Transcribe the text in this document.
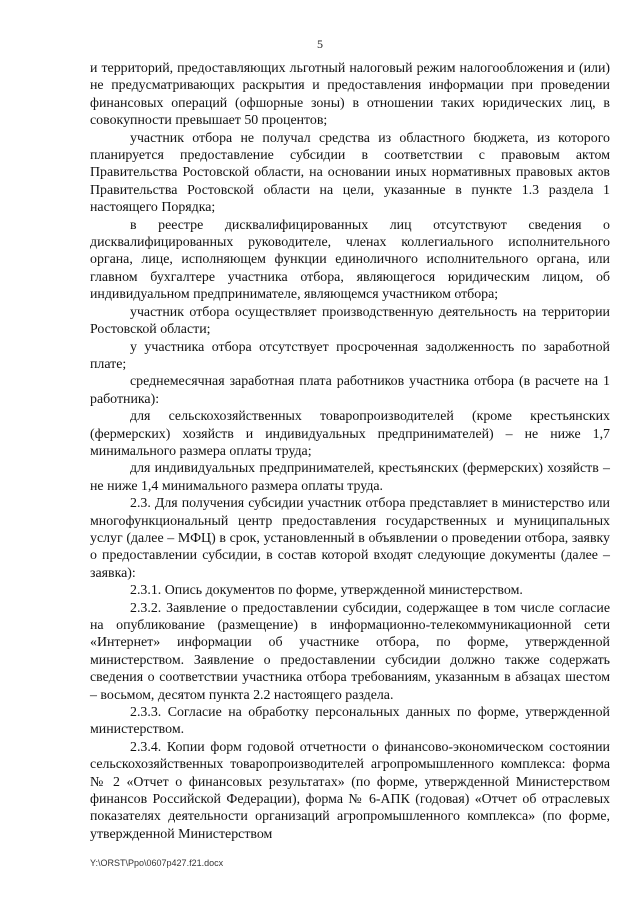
5

и территорий, предоставляющих льготный налоговый режим налогообложения и (или) не предусматривающих раскрытия и предоставления информации при проведении финансовых операций (офшорные зоны) в отношении таких юридических лиц, в совокупности превышает 50 процентов;

участник отбора не получал средства из областного бюджета, из которого планируется предоставление субсидии в соответствии с правовым актом Правительства Ростовской области, на основании иных нормативных правовых актов Правительства Ростовской области на цели, указанные в пункте 1.3 раздела 1 настоящего Порядка;

в реестре дисквалифицированных лиц отсутствуют сведения о дисквалифицированных руководителе, членах коллегиального исполнительного органа, лице, исполняющем функции единоличного исполнительного органа, или главном бухгалтере участника отбора, являющегося юридическим лицом, об индивидуальном предпринимателе, являющемся участником отбора;

участник отбора осуществляет производственную деятельность на территории Ростовской области;

у участника отбора отсутствует просроченная задолженность по заработной плате;

среднемесячная заработная плата работников участника отбора (в расчете на 1 работника):

для сельскохозяйственных товаропроизводителей (кроме крестьянских (фермерских) хозяйств и индивидуальных предпринимателей) – не ниже 1,7 минимального размера оплаты труда;

для индивидуальных предпринимателей, крестьянских (фермерских) хозяйств – не ниже 1,4 минимального размера оплаты труда.

2.3. Для получения субсидии участник отбора представляет в министерство или многофункциональный центр предоставления государственных и муниципальных услуг (далее – МФЦ) в срок, установленный в объявлении о проведении отбора, заявку о предоставлении субсидии, в состав которой входят следующие документы (далее – заявка):

2.3.1. Опись документов по форме, утвержденной министерством.

2.3.2. Заявление о предоставлении субсидии, содержащее в том числе согласие на опубликование (размещение) в информационно-телекоммуникационной сети «Интернет» информации об участнике отбора, по форме, утвержденной министерством. Заявление о предоставлении субсидии должно также содержать сведения о соответствии участника отбора требованиям, указанным в абзацах шестом – восьмом, десятом пункта 2.2 настоящего раздела.

2.3.3. Согласие на обработку персональных данных по форме, утвержденной министерством.

2.3.4. Копии форм годовой отчетности о финансово-экономическом состоянии сельскохозяйственных товаропроизводителей агропромышленного комплекса: форма № 2 «Отчет о финансовых результатах» (по форме, утвержденной Министерством финансов Российской Федерации), форма № 6-АПК (годовая) «Отчет об отраслевых показателях деятельности организаций агропромышленного комплекса» (по форме, утвержденной Министерством

Y:\ORST\Ppo\0607p427.f21.docx
